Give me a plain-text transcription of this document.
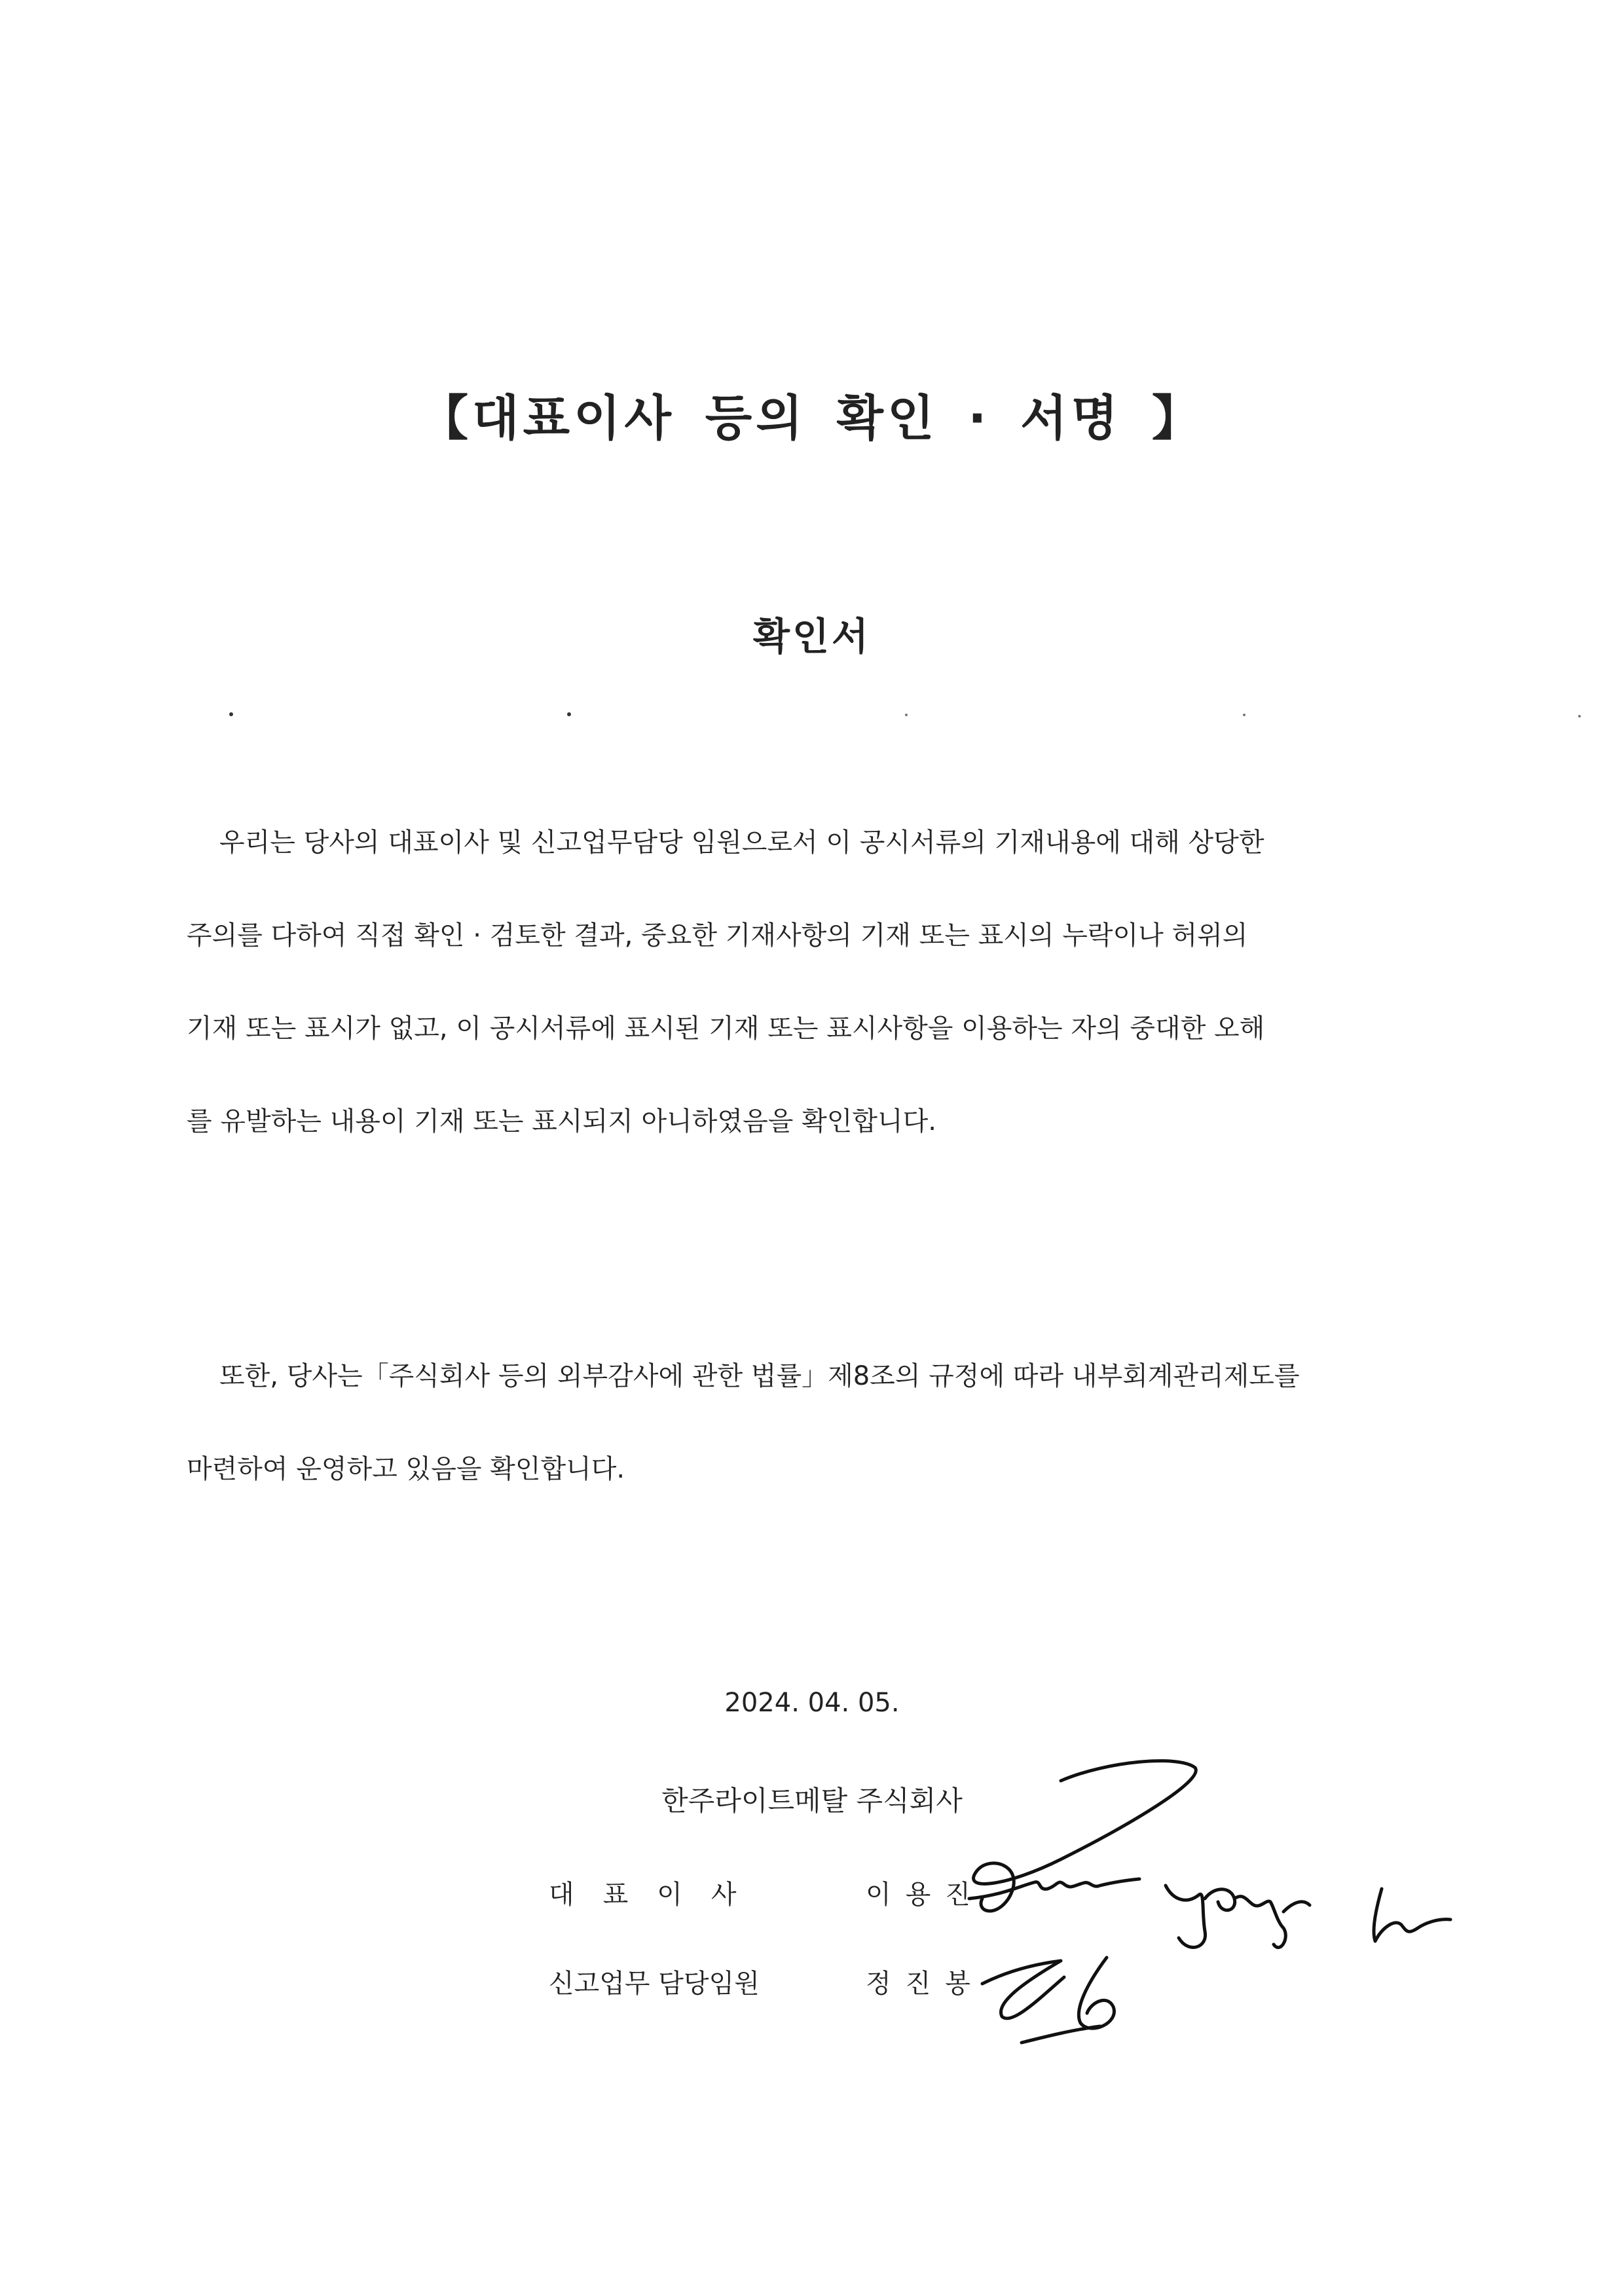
【대표이사 등의 확인 · 서명 】
확인서
우리는 당사의 대표이사 및 신고업무담당 임원으로서 이 공시서류의 기재내용에 대해 상당한
주의를 다하여 직접 확인 · 검토한 결과, 중요한 기재사항의 기재 또는 표시의 누락이나 허위의
기재 또는 표시가 없고, 이 공시서류에 표시된 기재 또는 표시사항을 이용하는 자의 중대한 오해
를 유발하는 내용이 기재 또는 표시되지 아니하였음을 확인합니다.
또한, 당사는「주식회사 등의 외부감사에 관한 법률」제8조의 규정에 따라 내부회계관리제도를
마련하여 운영하고 있음을 확인합니다.
2024. 04. 05.
한주라이트메탈 주식회사
대표이사	이용진
신고업무 담당임원	정진봉
